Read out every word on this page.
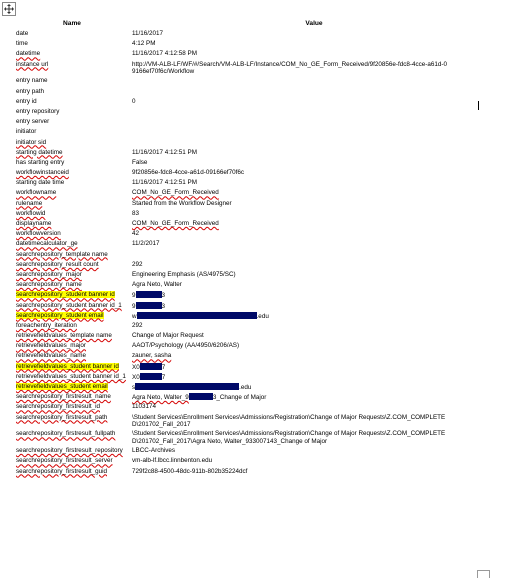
Name	Value
date	11/16/2017
time	4:12 PM
datetime	11/16/2017 4:12:58 PM
instance url	http://VM-ALB-LF/WF/#/Search/VM-ALB-LF/Instance/COM_No_GE_Form_Received/9f20856e-fdc8-4cce-a61d-09166ef70f6c/Workflow
entry name	
entry path	
entry id	0
entry repository	
entry server	
initiator	
initiator sid	
starting datetime	11/16/2017 4:12:51 PM
has starting entry	False
workflowinstanceid	9f20856e-fdc8-4cce-a61d-09166ef70f6c
starting date time	11/16/2017 4:12:51 PM
workflowname	COM_No_GE_Form_Received
rulename	Started from the Workflow Designer
workflowid	83
displayname	COM_No_GE_Form_Received
workflowversion	42
datetimecalculator_ge	11/2/2017
searchrepository_template name	
searchrepository_result count	292
searchrepository_major	Engineering Emphasis (AS/4975/SC)
searchrepository_name	Agra Neto, Walter
searchrepository_student banner id	9 3
searchrepository_student banner id_1	9 3
searchrepository_student email	w .edu
foreachentry_iteration	292
retrievefieldvalues_template name	Change of Major Request
retrievefieldvalues_major	AAOT/Psychology (AA/4950/6206/AS)
retrievefieldvalues_name	zauner, sasha
retrievefieldvalues_student banner id	X0 7
retrievefieldvalues_student banner id_1	X0 7
retrievefieldvalues_student email	s .edu
searchrepository_firstresult_name	Agra Neto, Walter_9 3_Change of Major
searchrepository_firstresult_id	1103174
searchrepository_firstresult_path	\Student Services\Enrollment Services\Admissions/Registration\Change of Major Requests\Z.COM_COMPLETED\201702_Fall_2017
searchrepository_firstresult_fullpath	\Student Services\Enrollment Services\Admissions/Registration\Change of Major Requests\Z.COM_COMPLETED\201702_Fall_2017\Agra Neto, Walter_933007143_Change of Major
searchrepository_firstresult_repository	LBCC-Archives
searchrepository_firstresult_server	vm-alb-lf.lbcc.linnbenton.edu
searchrepository_firstresult_guid	729f2c88-4500-48dc-911b-802b35224dcf
